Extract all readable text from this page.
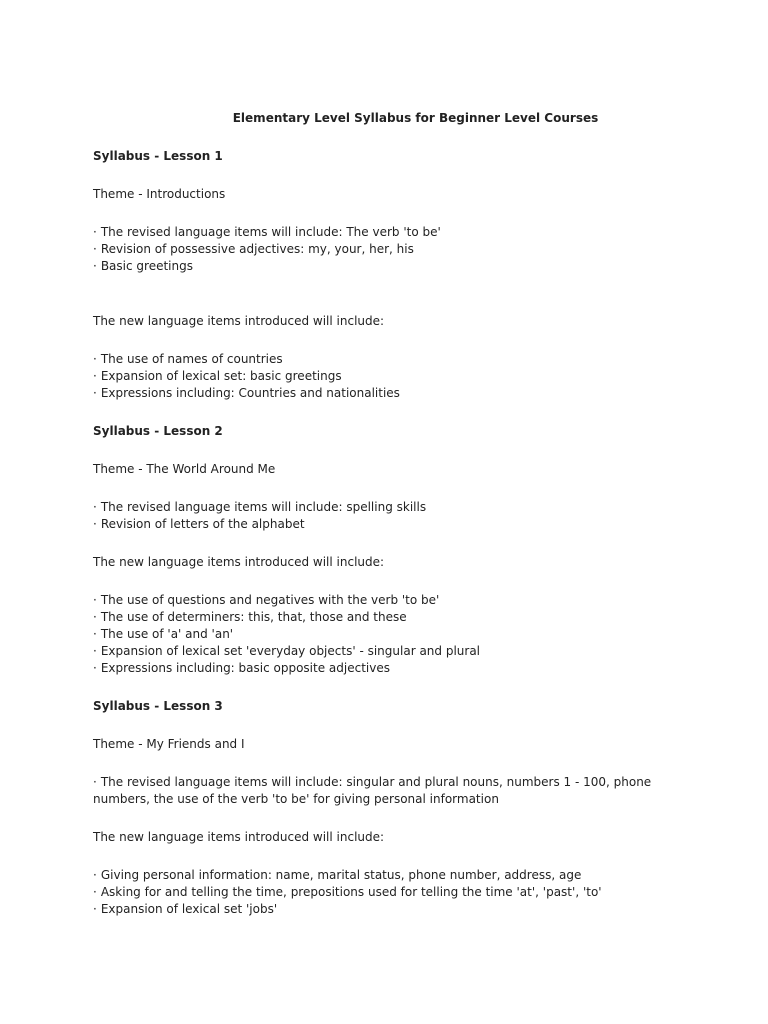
Elementary Level Syllabus for Beginner Level Courses
Syllabus - Lesson 1

Theme - Introductions

· The revised language items will include: The verb 'to be'
· Revision of possessive adjectives: my, your, her, his
· Basic greetings

The new language items introduced will include:

· The use of names of countries
· Expansion of lexical set: basic greetings
· Expressions including: Countries and nationalities
Syllabus - Lesson 2

Theme - The World Around Me

· The revised language items will include: spelling skills
· Revision of letters of the alphabet

The new language items introduced will include:

· The use of questions and negatives with the verb 'to be'
· The use of determiners: this, that, those and these
· The use of 'a' and 'an'
· Expansion of lexical set 'everyday objects' - singular and plural
· Expressions including: basic opposite adjectives
Syllabus - Lesson 3

Theme - My Friends and I

· The revised language items will include: singular and plural nouns, numbers 1 - 100, phone numbers, the use of the verb 'to be' for giving personal information

The new language items introduced will include:

· Giving personal information: name, marital status, phone number, address, age
· Asking for and telling the time, prepositions used for telling the time 'at', 'past', 'to'
· Expansion of lexical set 'jobs'
